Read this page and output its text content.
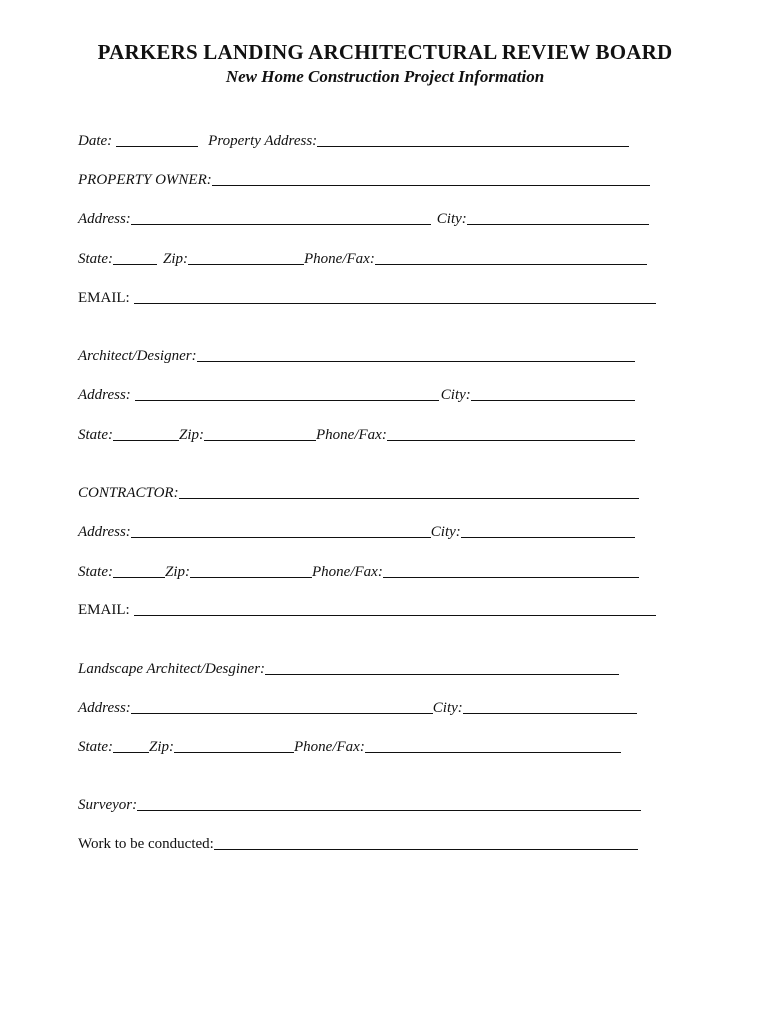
PARKERS LANDING ARCHITECTURAL REVIEW BOARD
New Home Construction Project Information
Date:	Property Address:
PROPERTY OWNER:
Address:	City:
State:	Zip:	Phone/Fax:
EMAIL:
Architect/Designer:
Address:	City:
State:	Zip:	Phone/Fax:
CONTRACTOR:
Address:	City:
State:	Zip:	Phone/Fax:
EMAIL:
Landscape Architect/Desginer:
Address:	City:
State: Zip:	Phone/Fax:
Surveyor:
Work to be conducted:
